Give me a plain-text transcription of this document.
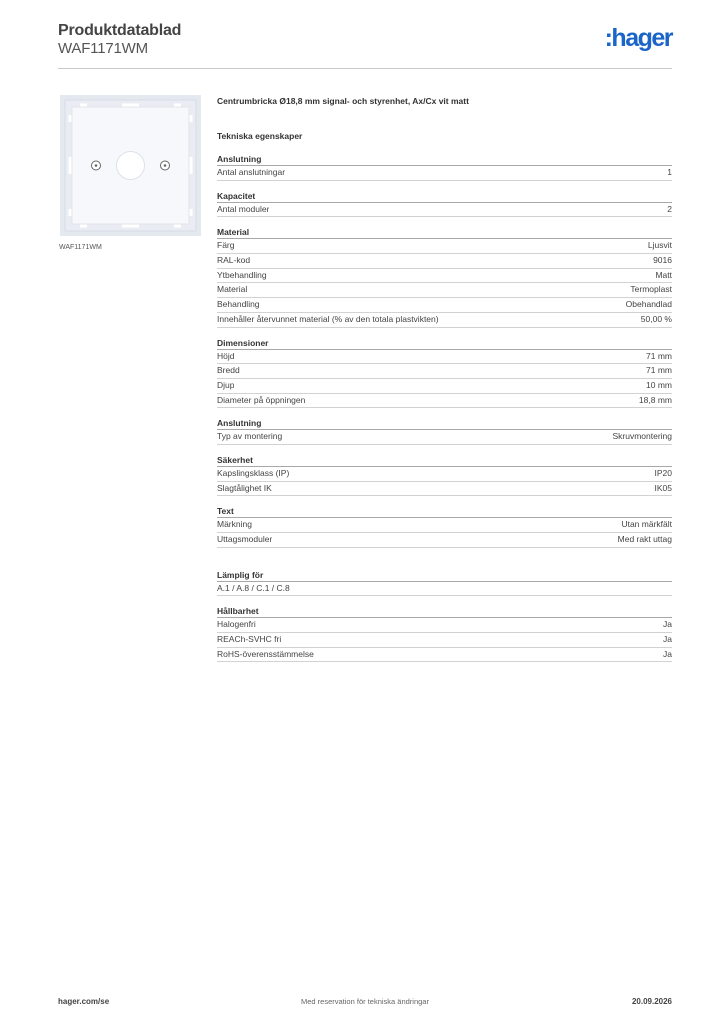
Produktdatablad
WAF1171WM	:hager
WAF1171WM
Centrumbricka Ø18,8 mm signal- och styrenhet, Ax/Cx vit matt
Tekniska egenskaper
Anslutning
Antal anslutningar	1
Kapacitet
Antal moduler	2
Material
Färg	Ljusvit
RAL-kod	9016
Ytbehandling	Matt
Material	Termoplast
Behandling	Obehandlad
Innehåller återvunnet material (% av den totala plastvikten)	50,00 %
Dimensioner
Höjd	71 mm
Bredd	71 mm
Djup	10 mm
Diameter på öppningen	18,8 mm
Anslutning
Typ av montering	Skruvmontering
Säkerhet
Kapslingsklass (IP)	IP20
Slagtålighet IK	IK05
Text
Märkning	Utan märkfält
Uttagsmoduler	Med rakt uttag
Lämplig för
A.1 / A.8 / C.1 / C.8
Hållbarhet
Halogenfri	Ja
REACh-SVHC fri	Ja
RoHS-överensstämmelse	Ja
hager.com/se	Med reservation för tekniska ändringar	20.09.2026
